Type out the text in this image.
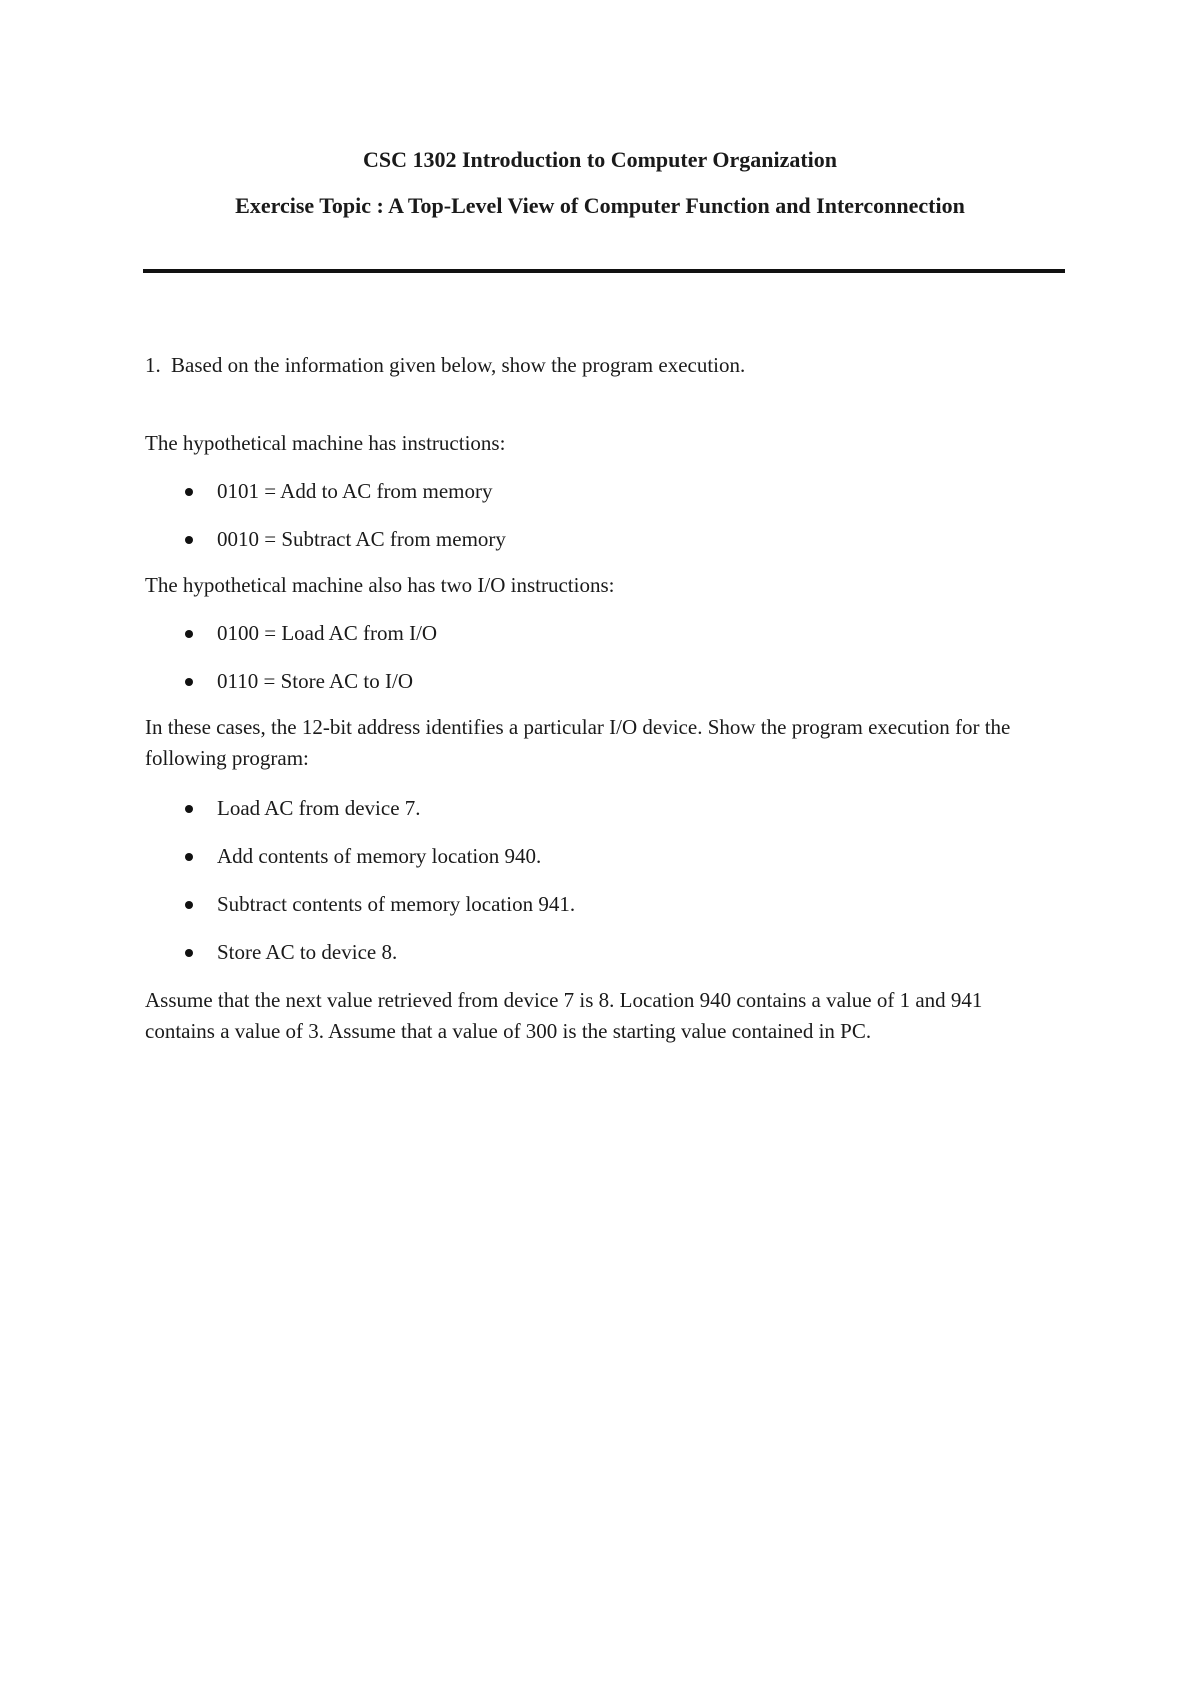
CSC 1302 Introduction to Computer Organization
Exercise Topic : A Top-Level View of Computer Function and Interconnection
1. Based on the information given below, show the program execution.
The hypothetical machine has instructions:
0101 = Add to AC from memory
0010 = Subtract AC from memory
The hypothetical machine also has two I/O instructions:
0100 = Load AC from I/O
0110 = Store AC to I/O
In these cases, the 12-bit address identifies a particular I/O device. Show the program execution for the following program:
Load AC from device 7.
Add contents of memory location 940.
Subtract contents of memory location 941.
Store AC to device 8.
Assume that the next value retrieved from device 7 is 8. Location 940 contains a value of 1 and 941 contains a value of 3. Assume that a value of 300 is the starting value contained in PC.
